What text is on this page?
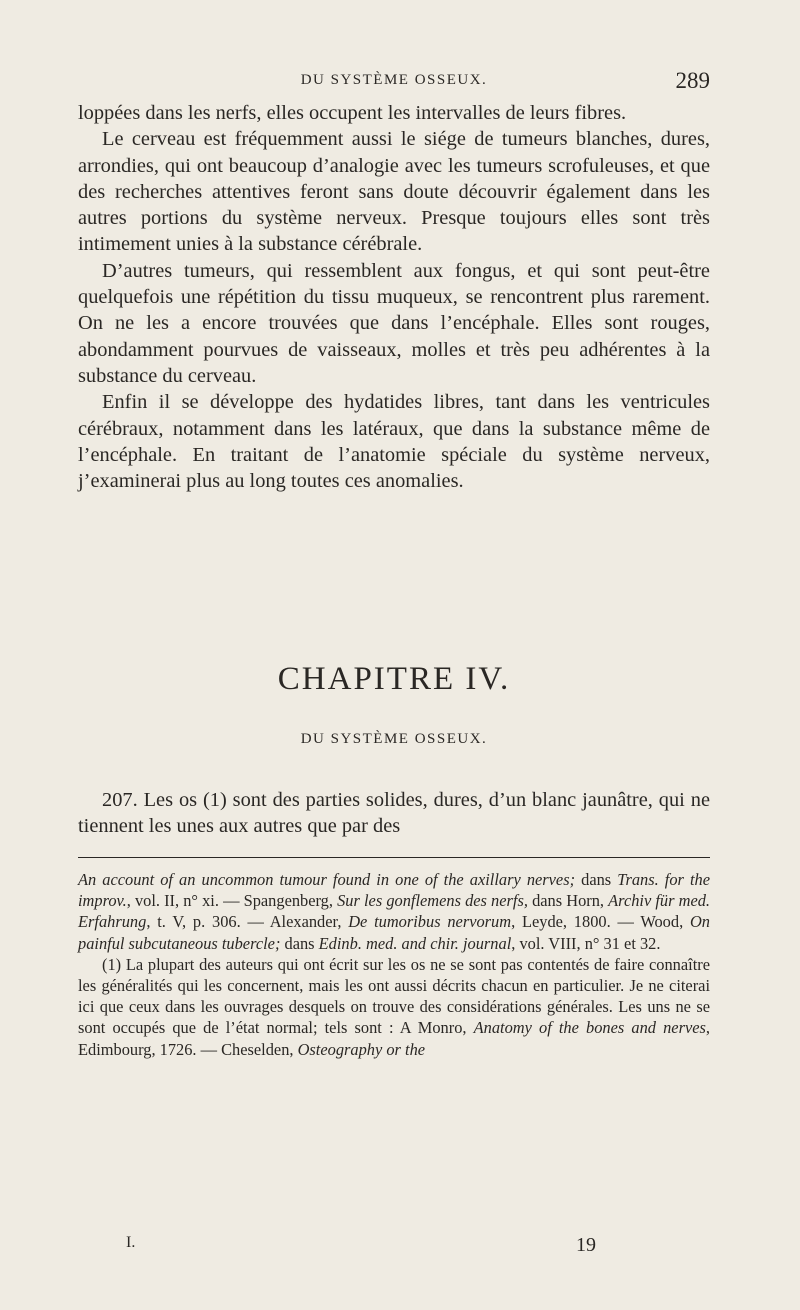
DU SYSTÈME OSSEUX.	289

loppées dans les nerfs, elles occupent les intervalles de leurs fibres.

Le cerveau est fréquemment aussi le siége de tumeurs blanches, dures, arrondies, qui ont beaucoup d’analogie avec les tumeurs scrofuleuses, et que des recherches attentives feront sans doute découvrir également dans les autres portions du système nerveux. Presque toujours elles sont très intimement unies à la substance cérébrale.

D’autres tumeurs, qui ressemblent aux fongus, et qui sont peut-être quelquefois une répétition du tissu muqueux, se rencontrent plus rarement. On ne les a encore trouvées que dans l’encéphale. Elles sont rouges, abondamment pourvues de vaisseaux, molles et très peu adhérentes à la substance du cerveau.

Enfin il se développe des hydatides libres, tant dans les ventricules cérébraux, notamment dans les latéraux, que dans la substance même de l’encéphale. En traitant de l’anatomie spéciale du système nerveux, j’examinerai plus au long toutes ces anomalies.

CHAPITRE IV.
DU SYSTÈME OSSEUX.

207. Les os (1) sont des parties solides, dures, d’un blanc jaunâtre, qui ne tiennent les unes aux autres que par des

An account of an uncommon tumour found in one of the axillary nerves; dans Trans. for the improv., vol. II, n° xi. — Spangenberg, Sur les gonflemens des nerfs, dans Horn, Archiv für med. Erfahrung, t. V, p. 306. — Alexander, De tumoribus nervorum, Leyde, 1800. — Wood, On painful subcutaneous tubercle; dans Edinb. med. and chir. journal, vol. VIII, n° 31 et 32.

(1) La plupart des auteurs qui ont écrit sur les os ne se sont pas contentés de faire connaître les généralités qui les concernent, mais les ont aussi décrits chacun en particulier. Je ne citerai ici que ceux dans les ouvrages desquels on trouve des considérations générales. Les uns ne se sont occupés que de l’état normal; tels sont : A Monro, Anatomy of the bones and nerves, Edimbourg, 1726. — Cheselden, Osteography or the

I.	19
